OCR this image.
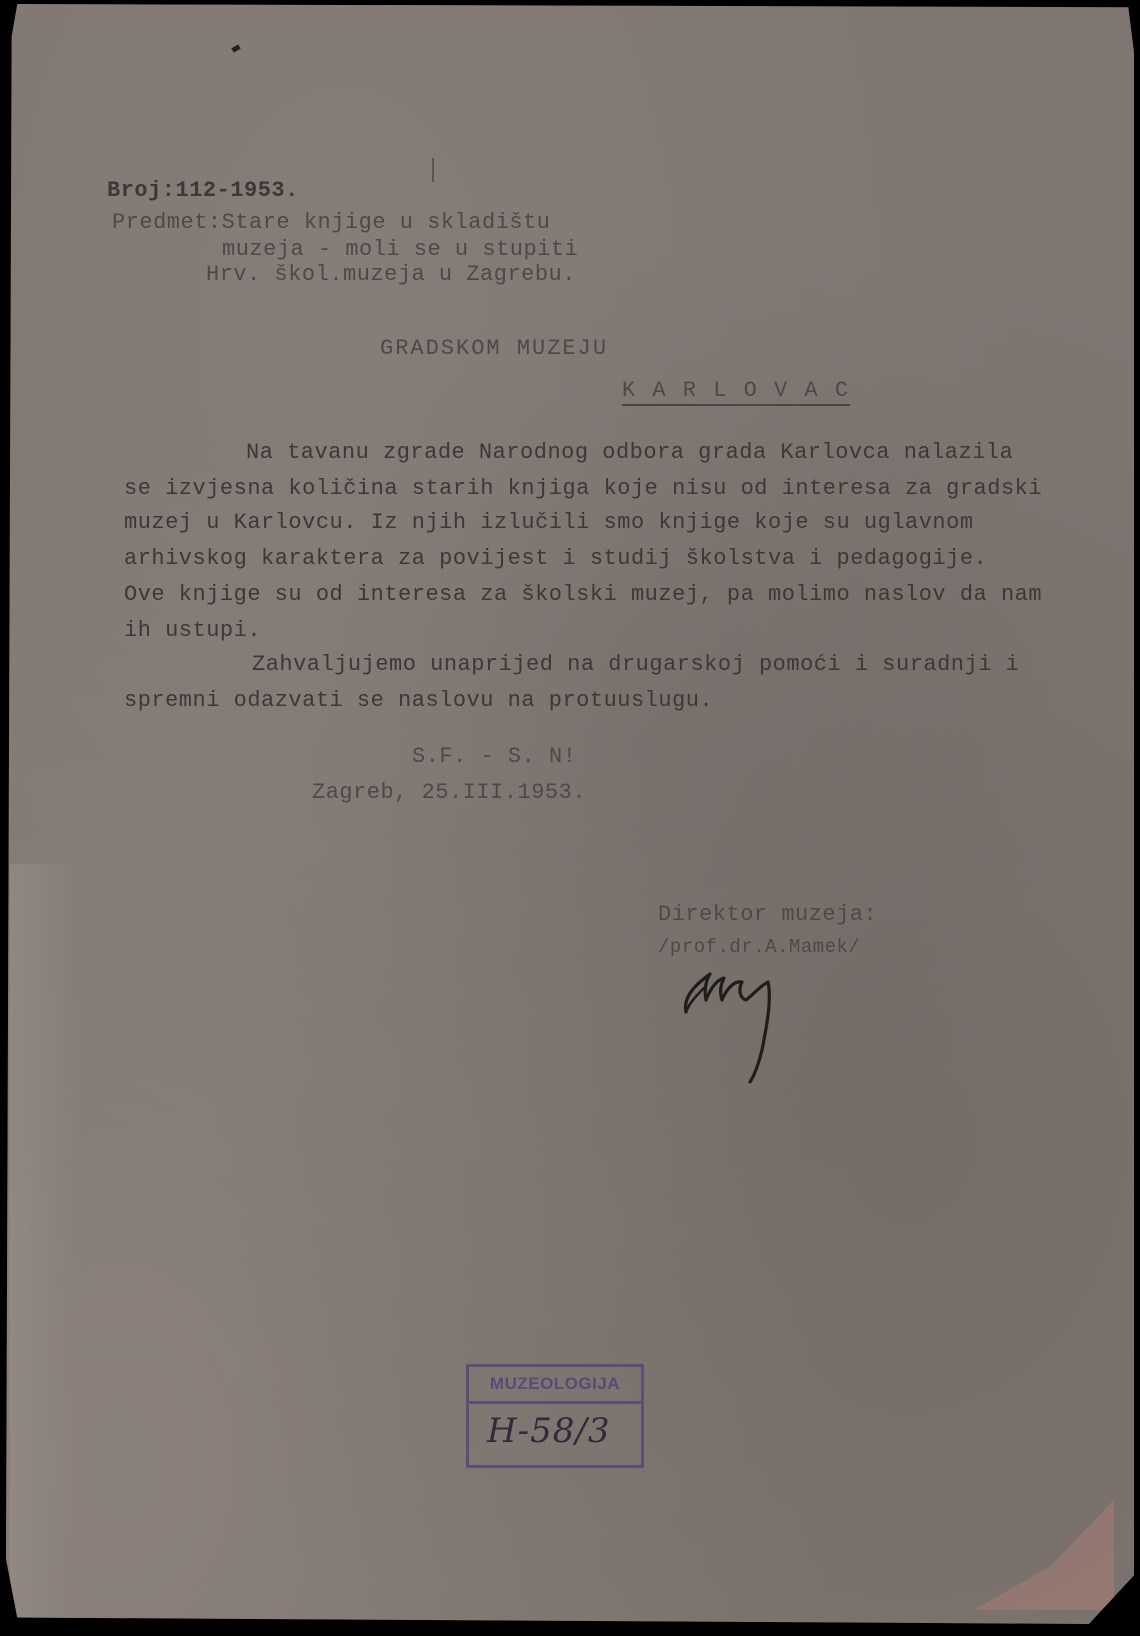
Broj:112-1953.
Predmet:Stare knjige u skladištu
muzeja - moli se u stupiti
Hrv. škol.muzeja u Zagrebu.
GRADSKOM MUZEJU
K A R L O V A C
Na tavanu zgrade Narodnog odbora grada Karlovca nalazila
se izvjesna količina starih knjiga koje nisu od interesa za gradski
muzej u Karlovcu. Iz njih izlučili smo knjige koje su uglavnom
arhivskog karaktera za povijest i studij školstva i pedagogije.
Ove knjige su od interesa za školski muzej, pa molimo naslov da nam
ih ustupi.
Zahvaljujemo unaprijed na drugarskoj pomoći i suradnji i
spremni odazvati se naslovu na protuuslugu.
S.F. - S. N!
Zagreb, 25.III.1953.
Direktor muzeja:
/prof.dr.A.Mamek/
MUZEOLOGIJA
H-58/3
